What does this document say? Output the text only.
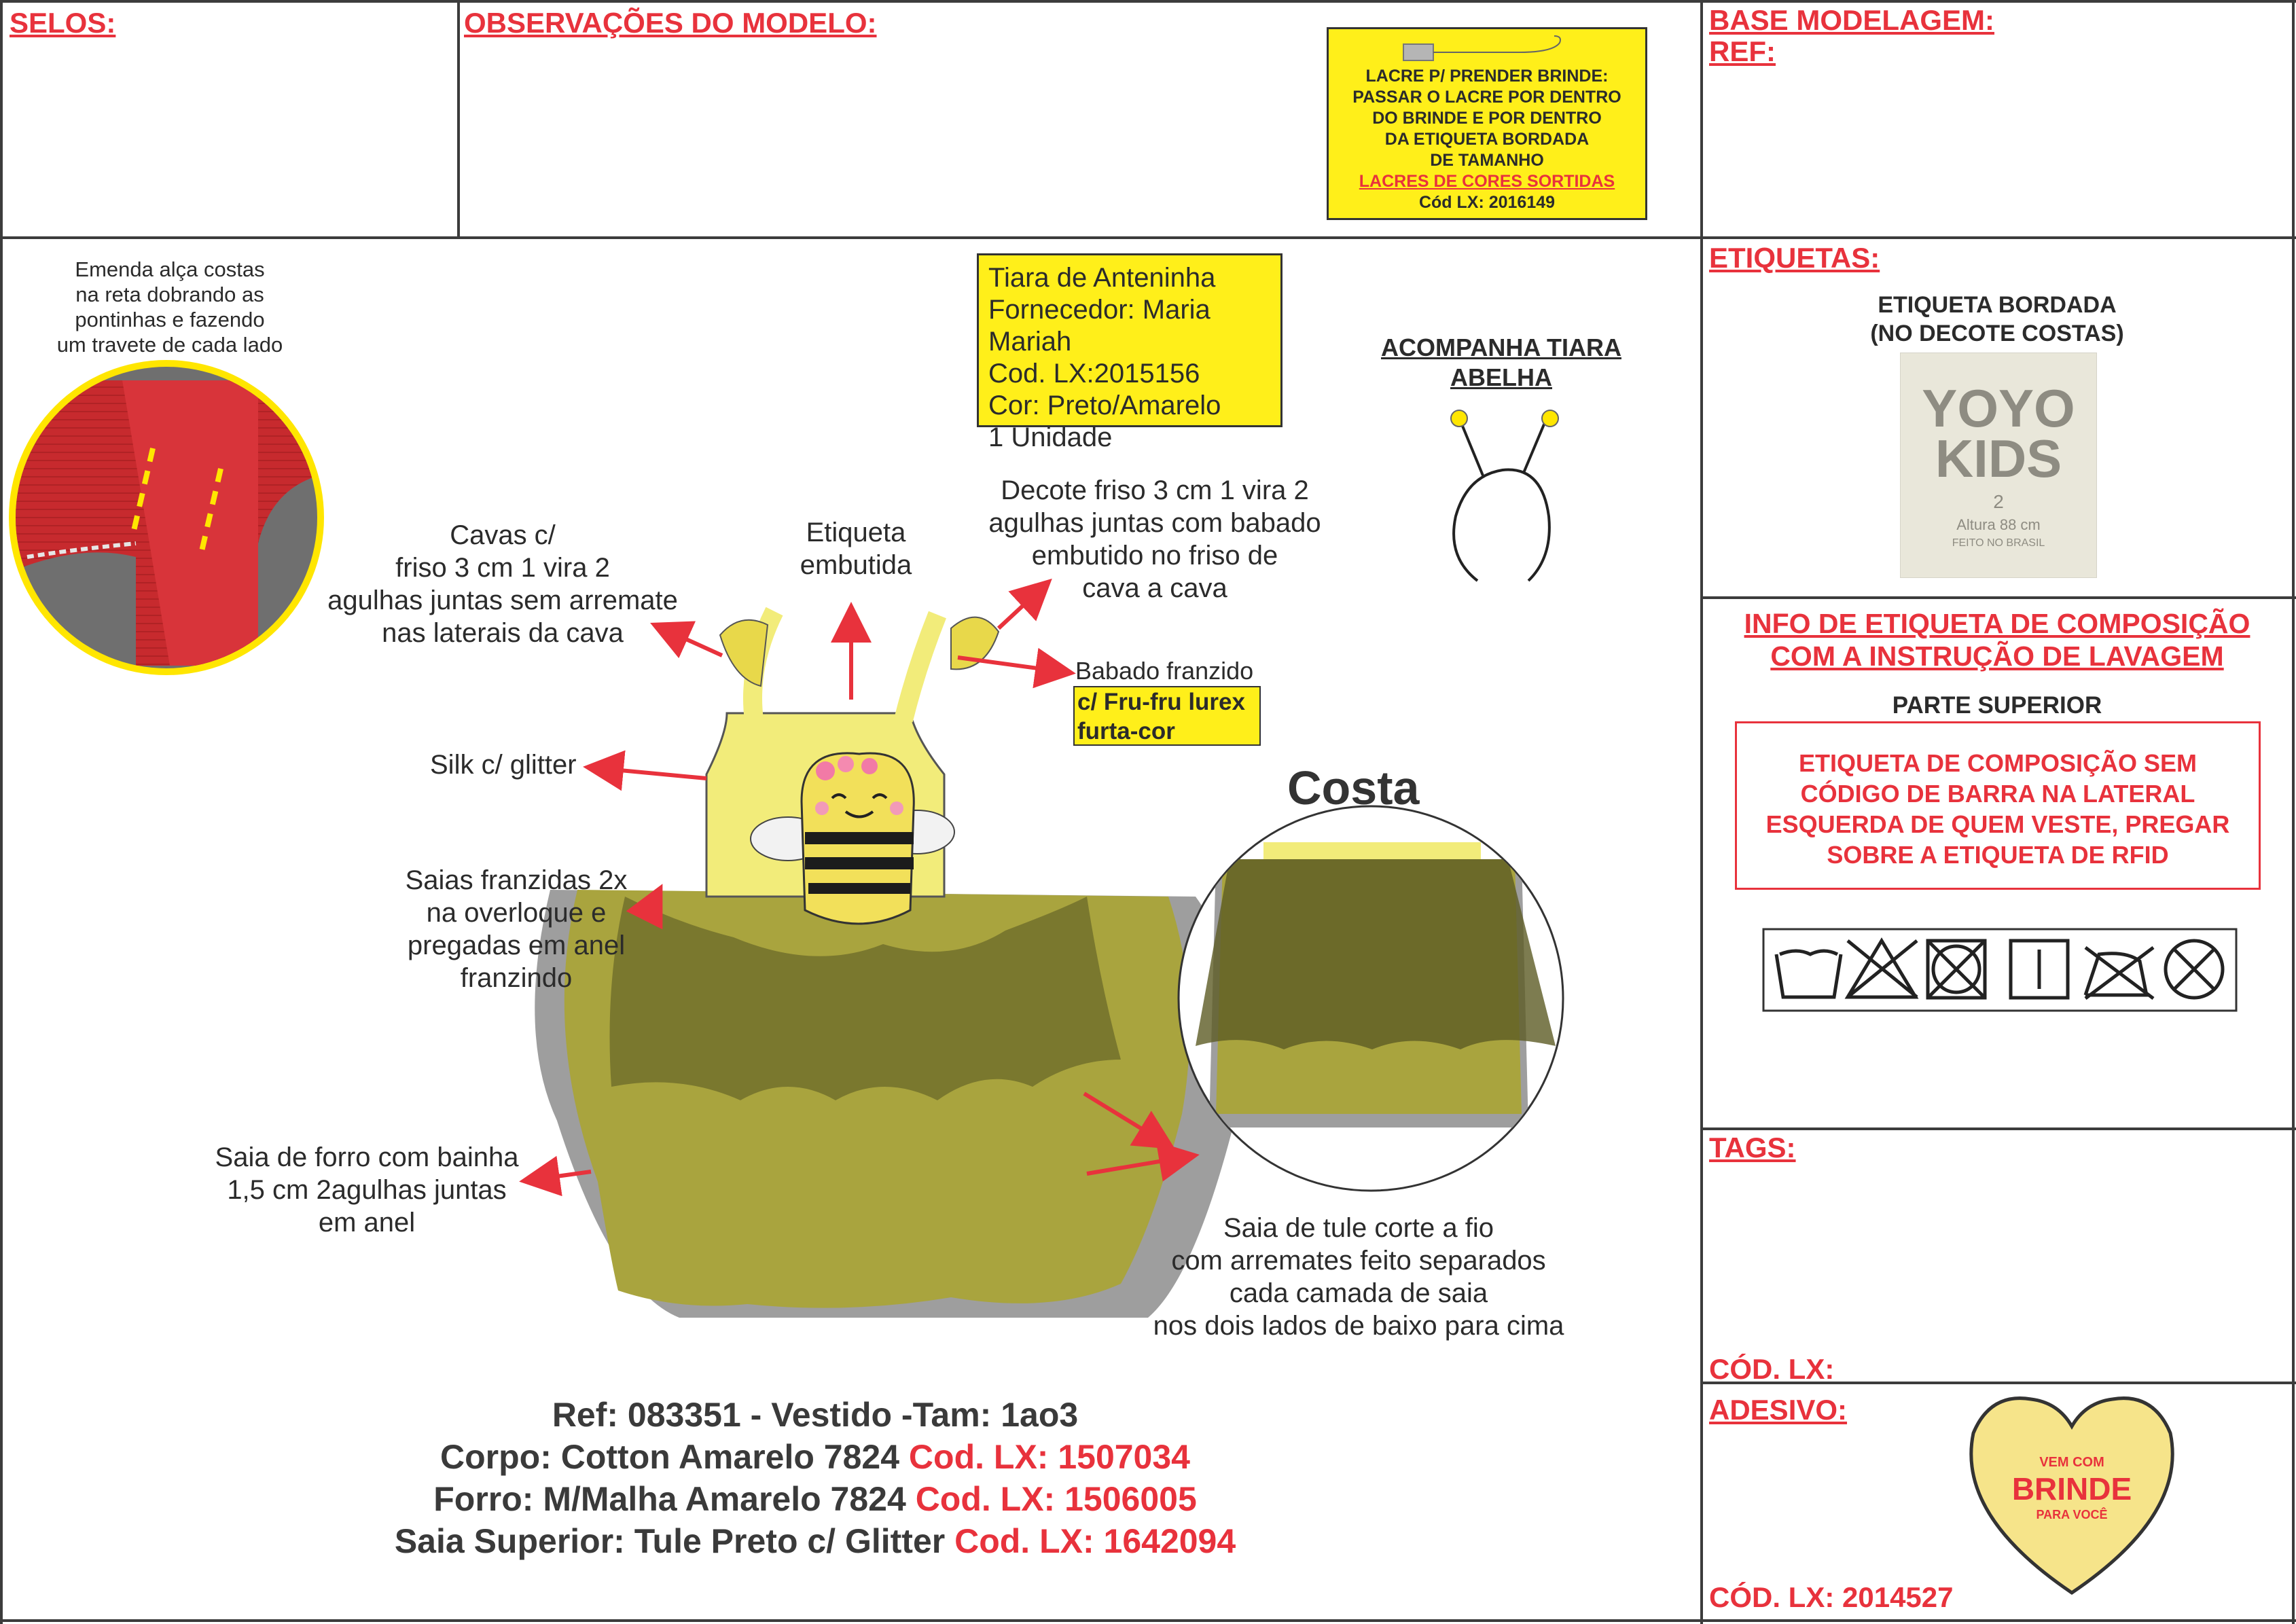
SELOS:	OBSERVAÇÕES DO MODELO:	BASE MODELAGEM:
REF:
ETIQUETAS:
TAGS:
CÓD. LX:
ADESIVO:
CÓD. LX: 2014527
LACRE P/ PRENDER BRINDE:
PASSAR O LACRE POR DENTRO
DO BRINDE E POR DENTRO
DA ETIQUETA BORDADA
DE TAMANHO
LACRES DE CORES SORTIDAS
Cód LX: 2016149
Tiara de Anteninha
Fornecedor: Maria Mariah
Cod. LX:2015156
Cor: Preto/Amarelo
1 Unidade
ACOMPANHA TIARA
ABELHA
Emenda alça costas
na reta dobrando as
pontinhas e fazendo
um travete de cada lado
Cavas c/
friso 3 cm 1 vira 2
agulhas juntas sem arremate
nas laterais da cava
Etiqueta
embutida
Decote friso 3 cm 1 vira 2
agulhas juntas com babado
embutido no friso de
cava a cava
Babado franzido
c/ Fru-fru lurex
furta-cor
Silk c/ glitter
Saias franzidas 2x
na overloque e
pregadas em anel
franzindo
Saia de forro com bainha
1,5 cm 2agulhas juntas
em anel	Saia de tule corte a fio
com arremates feito separados
cada camada de saia
nos dois lados de baixo para cima
Costa
ETIQUETA BORDADA
(NO DECOTE COSTAS)
YOYO
KIDS
2
Altura 88 cm
FEITO NO BRASIL
INFO DE ETIQUETA DE COMPOSIÇÃO
COM A INSTRUÇÃO DE LAVAGEM
PARTE SUPERIOR
ETIQUETA DE COMPOSIÇÃO SEM
CÓDIGO DE BARRA NA LATERAL
ESQUERDA DE QUEM VESTE, PREGAR
SOBRE A ETIQUETA DE RFID
VEM COM
BRINDE
PARA VOCÊ
Ref: 083351 - Vestido -Tam: 1ao3
Corpo: Cotton Amarelo 7824 Cod. LX: 1507034
Forro: M/Malha Amarelo 7824 Cod. LX: 1506005
Saia Superior: Tule Preto c/ Glitter Cod. LX: 1642094
